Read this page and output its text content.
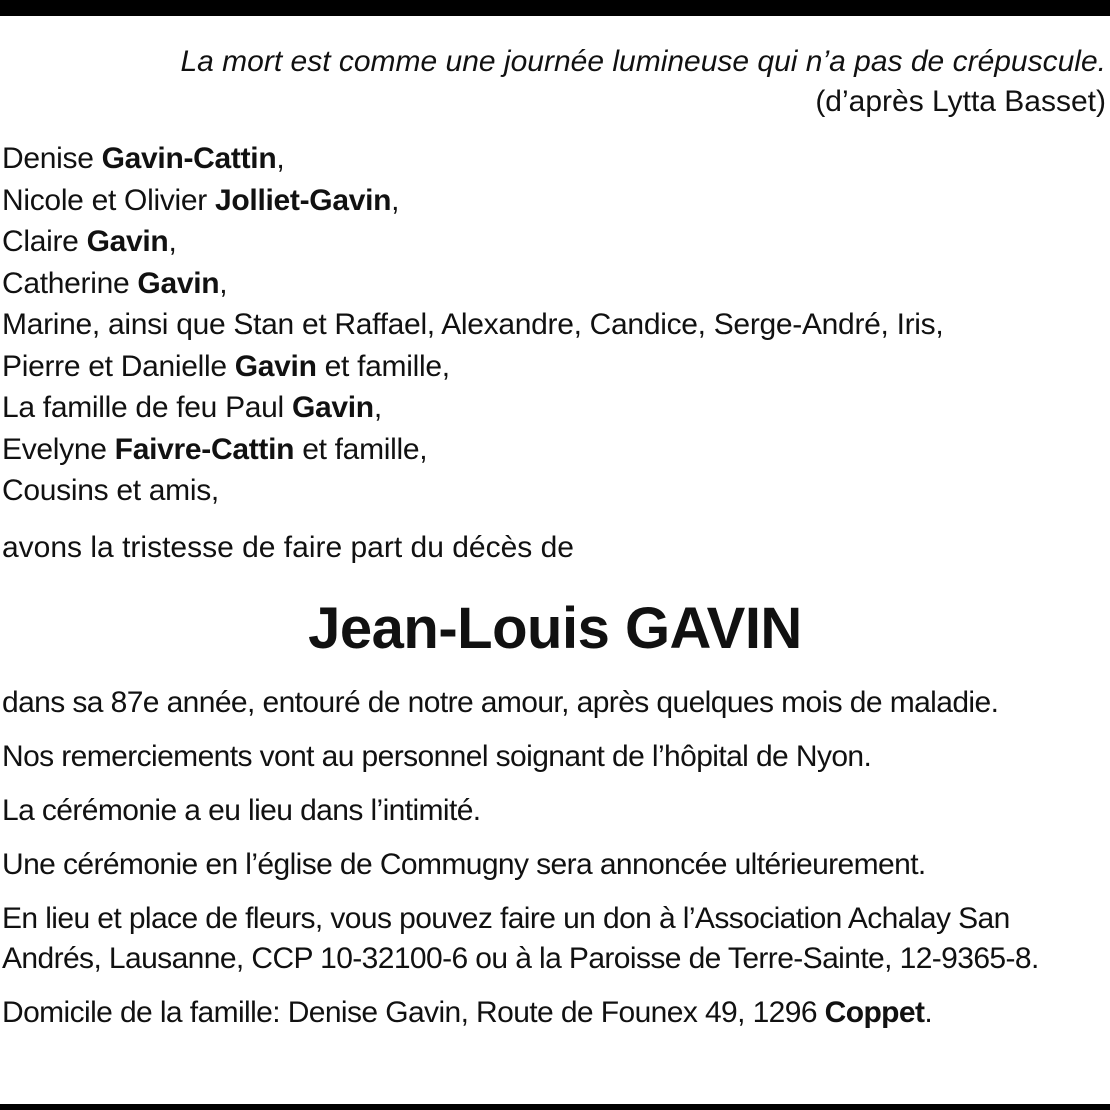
La mort est comme une journée lumineuse qui n’a pas de crépuscule.
(d’après Lytta Basset)
Denise Gavin-Cattin,
Nicole et Olivier Jolliet-Gavin,
Claire Gavin,
Catherine Gavin,
Marine, ainsi que Stan et Raffael, Alexandre, Candice, Serge-André, Iris,
Pierre et Danielle Gavin et famille,
La famille de feu Paul Gavin,
Evelyne Faivre-Cattin et famille,
Cousins et amis,
avons la tristesse de faire part du décès de
Jean-Louis GAVIN

dans sa 87e année, entouré de notre amour, après quelques mois de maladie.

Nos remerciements vont au personnel soignant de l’hôpital de Nyon.

La cérémonie a eu lieu dans l’intimité.

Une cérémonie en l’église de Commugny sera annoncée ultérieurement.

En lieu et place de fleurs, vous pouvez faire un don à l’Association Achalay San Andrés, Lausanne, CCP 10-32100-6 ou à la Paroisse de Terre-Sainte, 12-9365-8.

Domicile de la famille: Denise Gavin, Route de Founex 49, 1296 Coppet.
